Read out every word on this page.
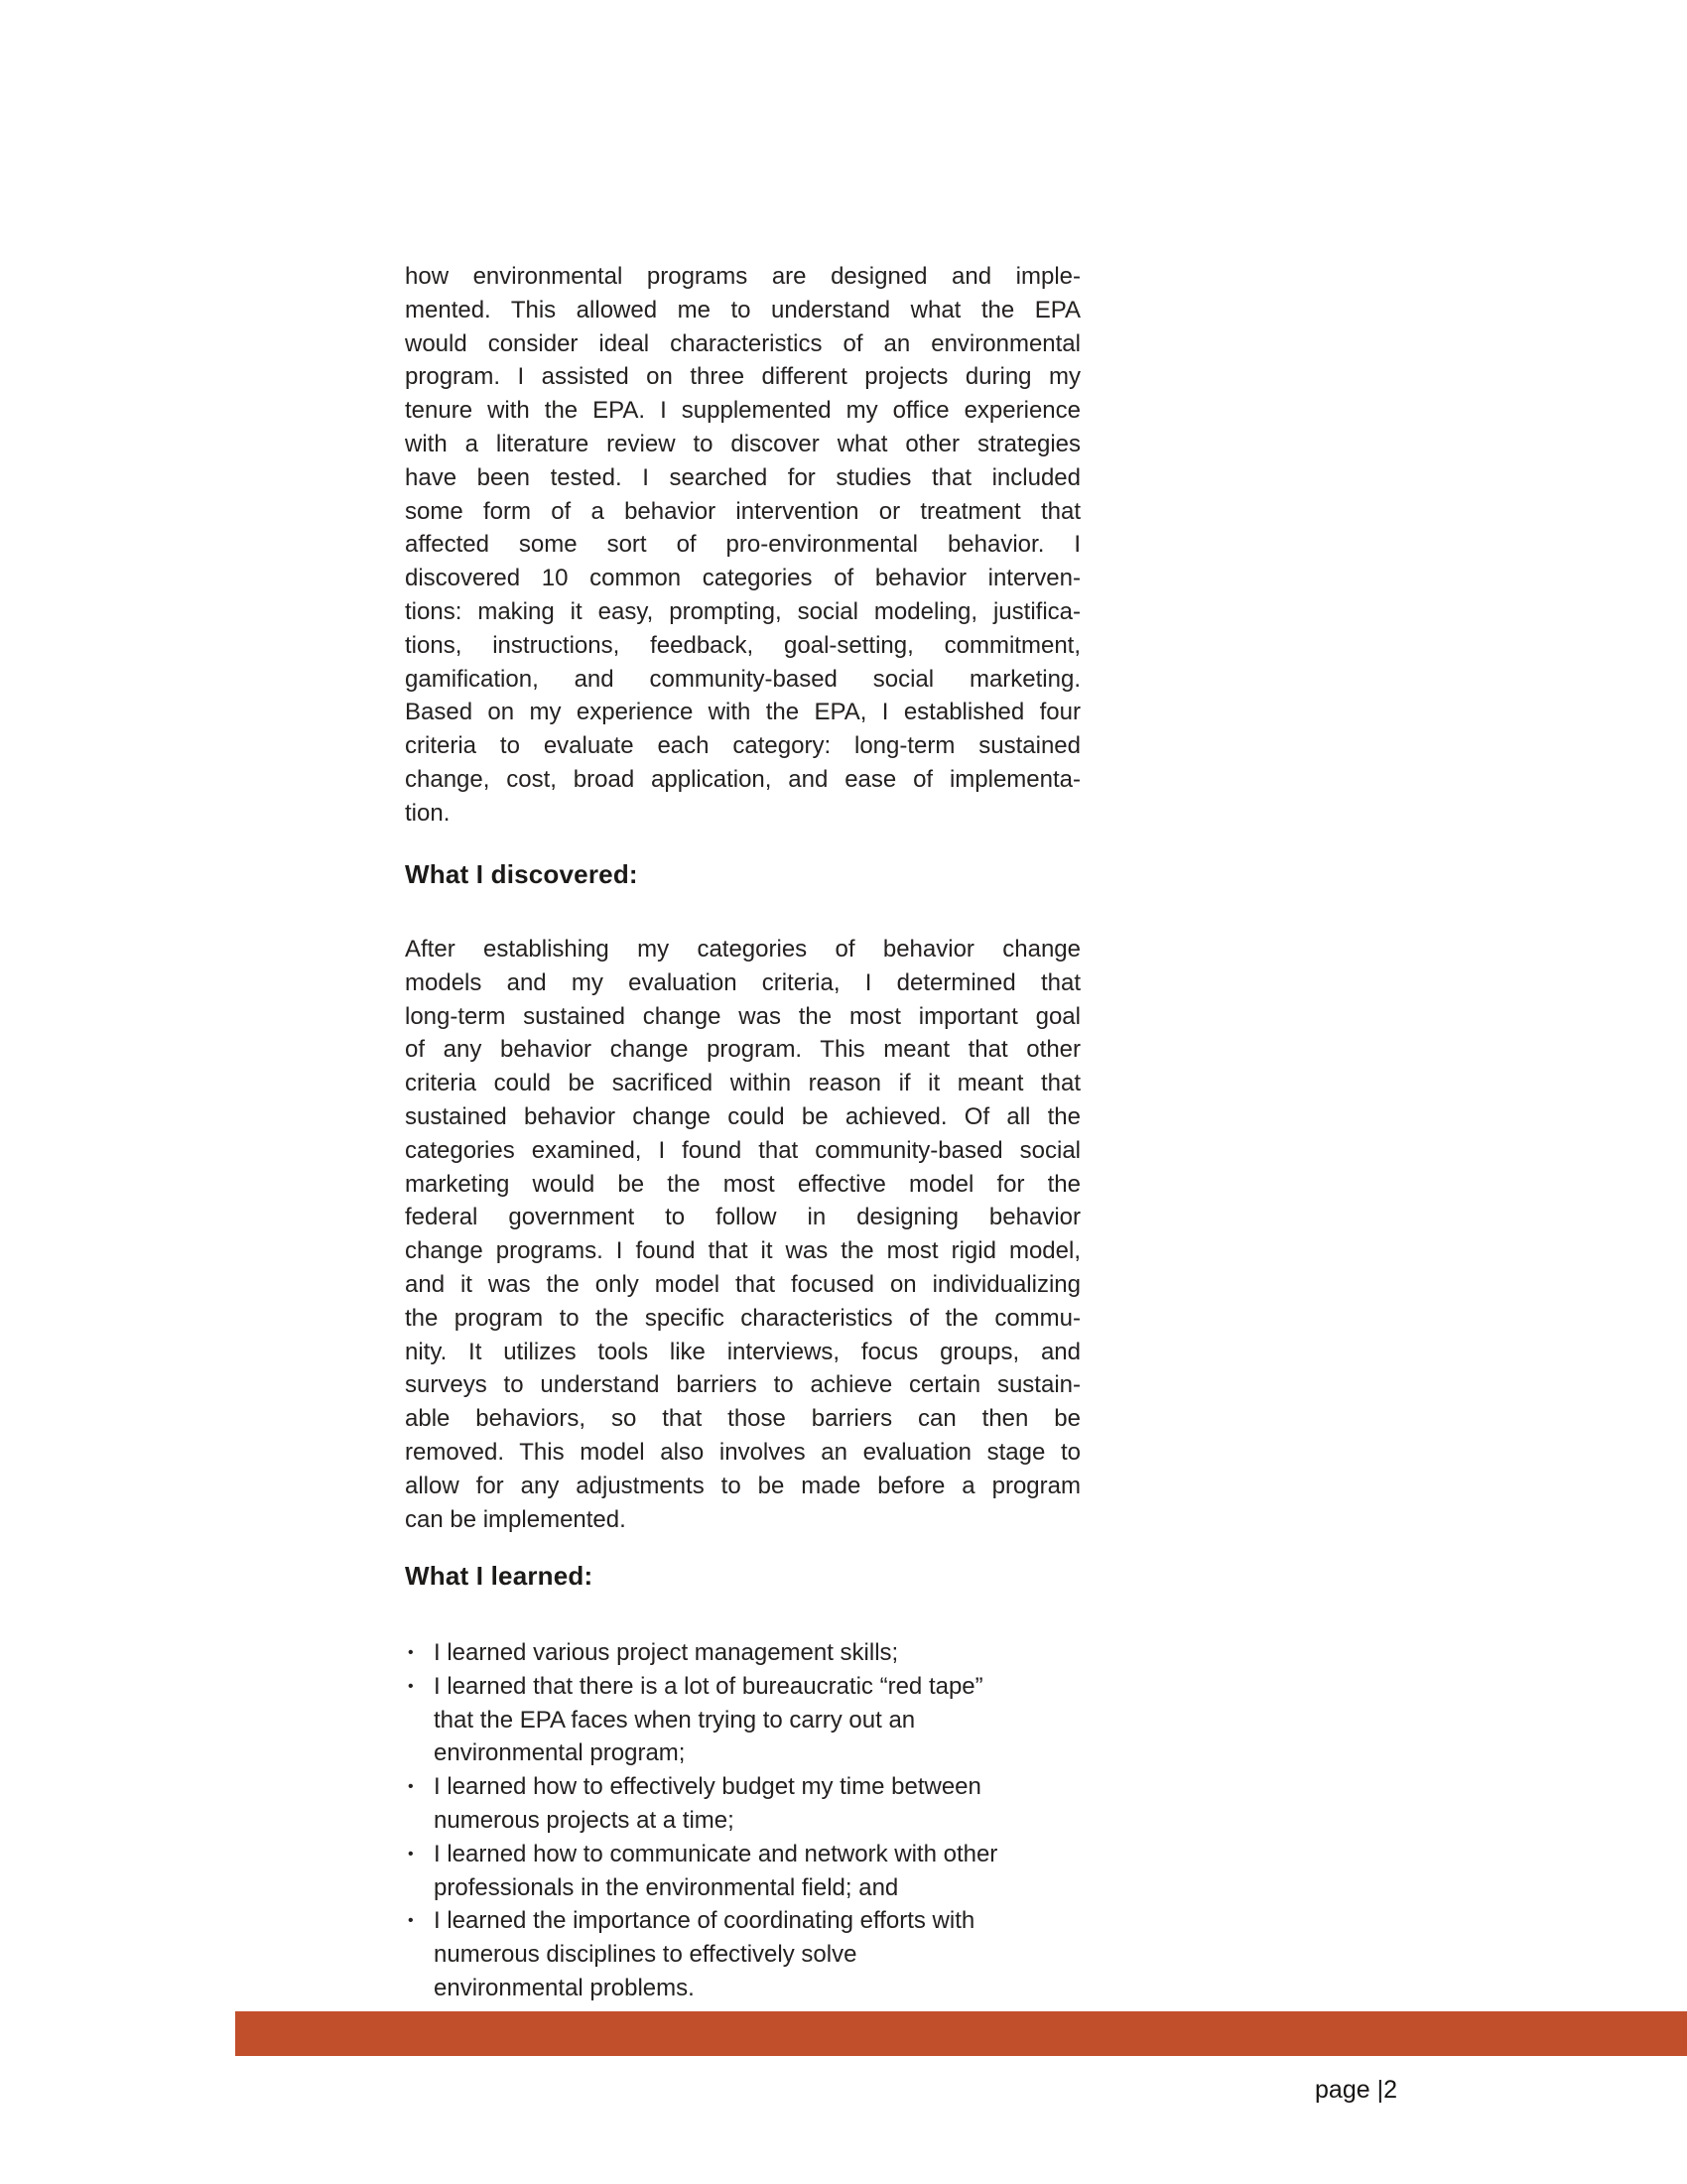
how environmental programs are designed and imple-
mented. This allowed me to understand what the EPA
would consider ideal characteristics of an environmental
program. I assisted on three different projects during my
tenure with the EPA. I supplemented my office experience
with a literature review to discover what other strategies
have been tested. I searched for studies that included
some form of a behavior intervention or treatment that
affected some sort of pro-environmental behavior. I
discovered 10 common categories of behavior interven-
tions: making it easy, prompting, social modeling, justifica-
tions, instructions, feedback, goal-setting, commitment,
gamification, and community-based social marketing.
Based on my experience with the EPA, I established four
criteria to evaluate each category: long-term sustained
change, cost, broad application, and ease of implementa-
tion.
What I discovered:
After establishing my categories of behavior change
models and my evaluation criteria, I determined that
long-term sustained change was the most important goal
of any behavior change program. This meant that other
criteria could be sacrificed within reason if it meant that
sustained behavior change could be achieved. Of all the
categories examined, I found that community-based social
marketing would be the most effective model for the
federal government to follow in designing behavior
change programs. I found that it was the most rigid model,
and it was the only model that focused on individualizing
the program to the specific characteristics of the commu-
nity. It utilizes tools like interviews, focus groups, and
surveys to understand barriers to achieve certain sustain-
able behaviors, so that those barriers can then be
removed. This model also involves an evaluation stage to
allow for any adjustments to be made before a program
can be implemented.
What I learned:
• I learned various project management skills;
• I learned that there is a lot of bureaucratic “red tape”
that the EPA faces when trying to carry out an
environmental program;
• I learned how to effectively budget my time between
numerous projects at a time;
• I learned how to communicate and network with other
professionals in the environmental field; and
• I learned the importance of coordinating efforts with
numerous disciplines to effectively solve
environmental problems.
page |2
